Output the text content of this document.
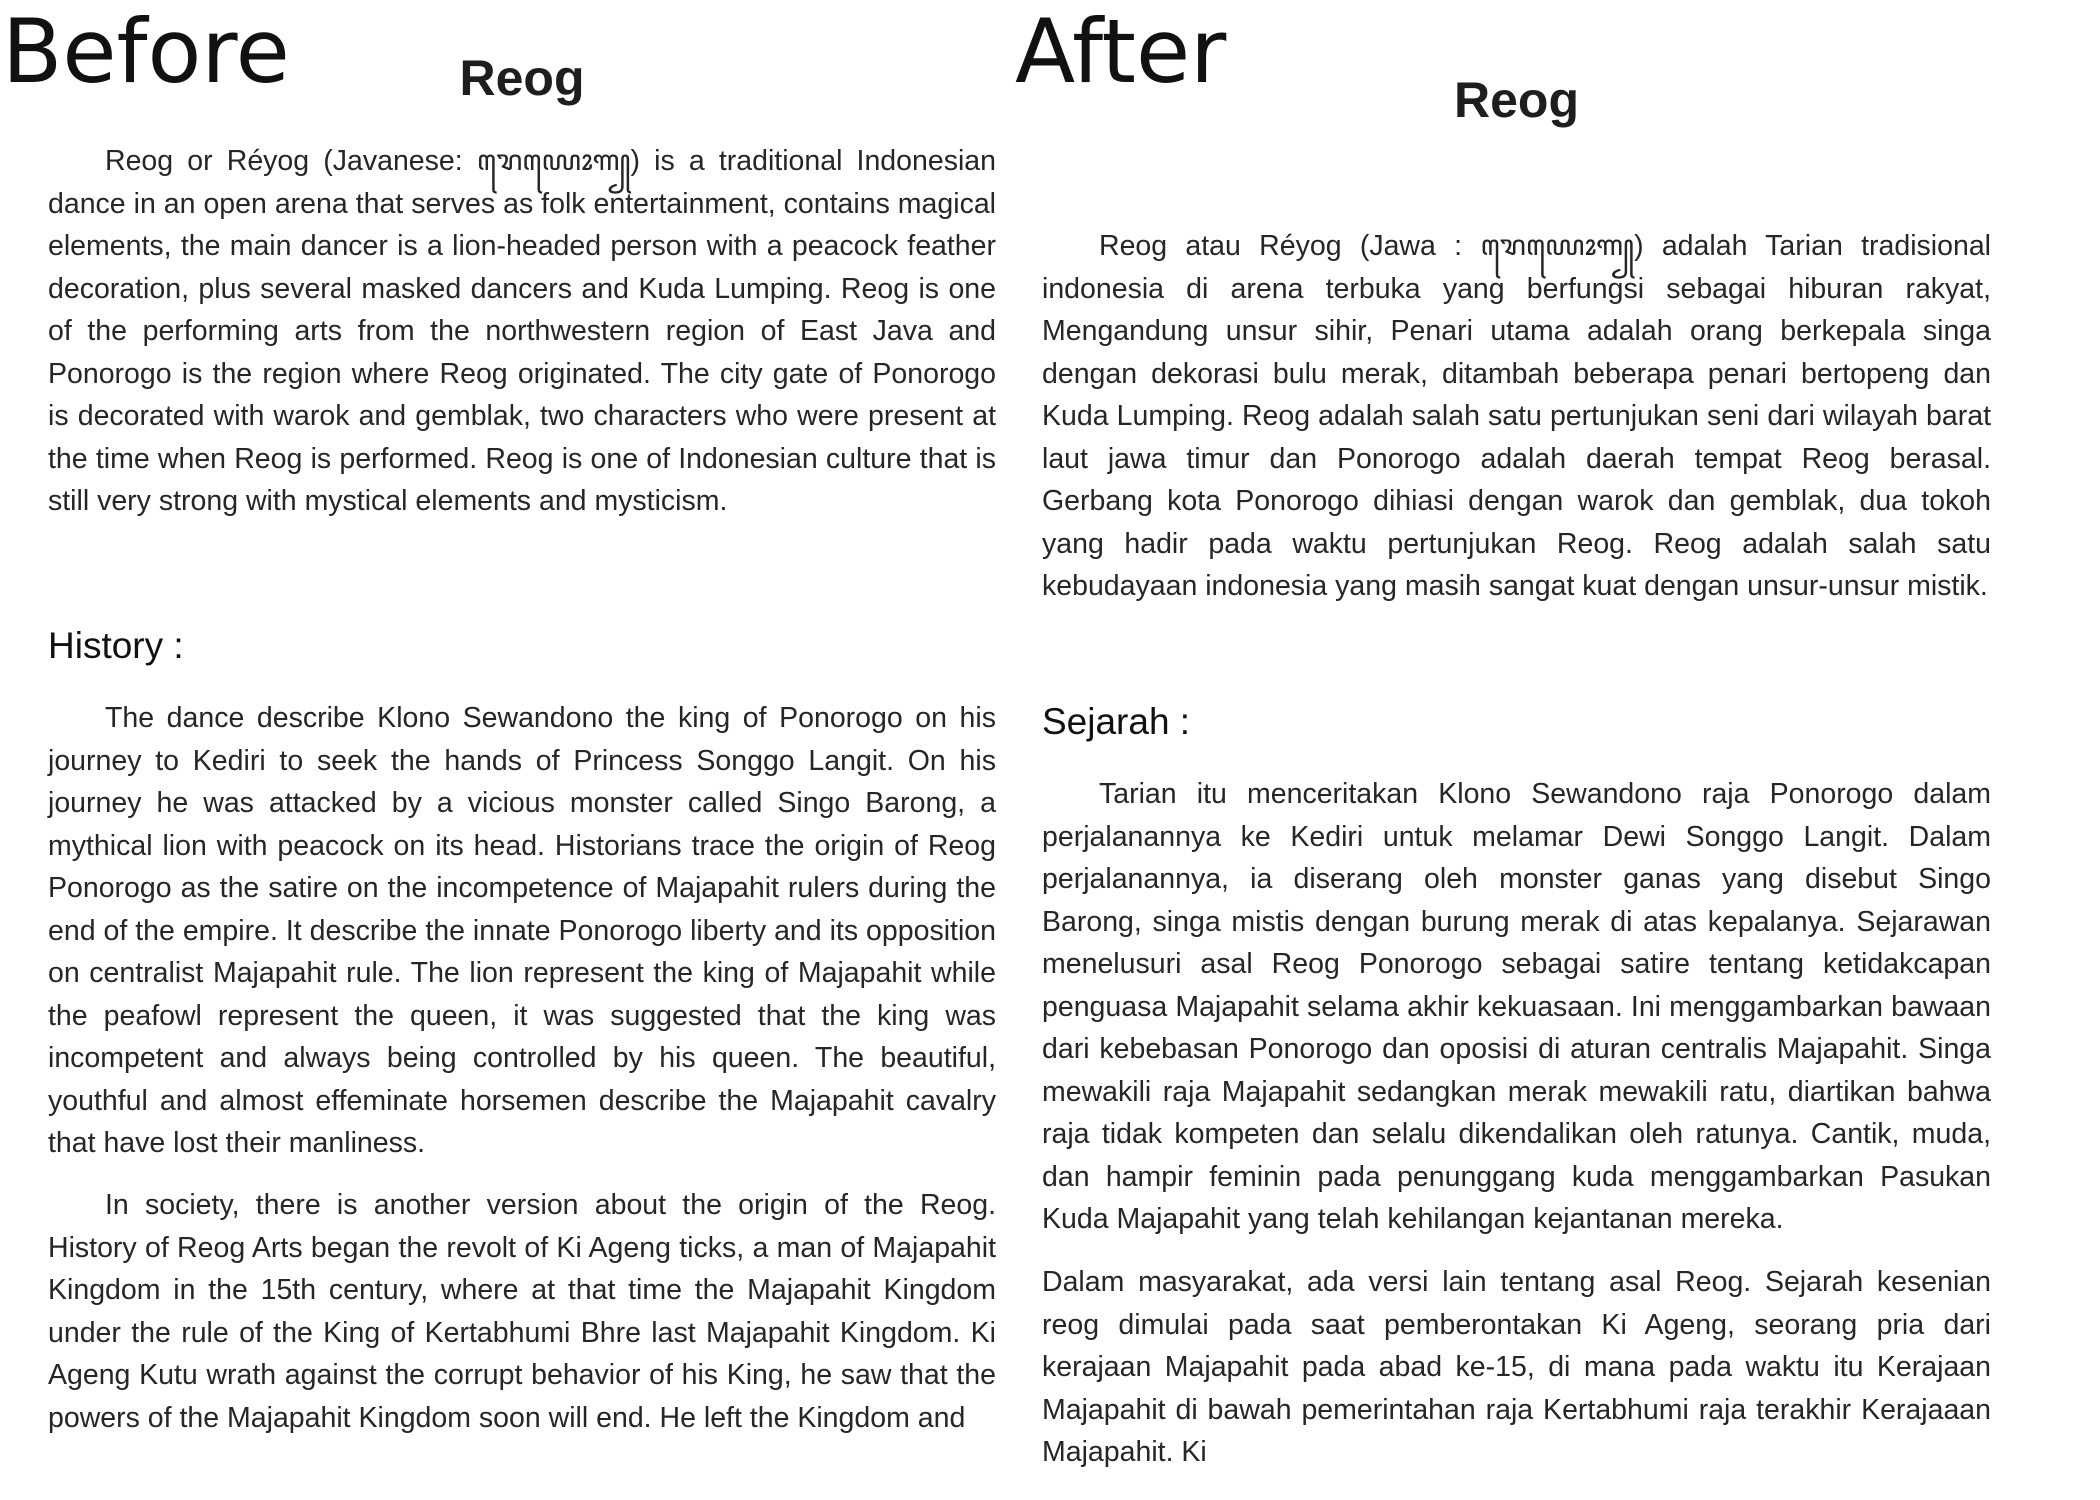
Before	After
Reog

Reog or Réyog (Javanese: ꦫꦺꦪꦺꦴꦒ꧀) is a traditional Indonesian dance in an open arena that serves as folk entertainment, contains magical elements, the main dancer is a lion-headed person with a peacock feather decoration, plus several masked dancers and Kuda Lumping. Reog is one of the performing arts from the northwestern region of East Java and Ponorogo is the region where Reog originated. The city gate of Ponorogo is decorated with warok and gemblak, two characters who were present at the time when Reog is performed. Reog is one of Indonesian culture that is still very strong with mystical elements and mysticism.

History :

The dance describe Klono Sewandono the king of Ponorogo on his journey to Kediri to seek the hands of Princess Songgo Langit. On his journey he was attacked by a vicious monster called Singo Barong, a mythical lion with peacock on its head. Historians trace the origin of Reog Ponorogo as the satire on the incompetence of Majapahit rulers during the end of the empire. It describe the innate Ponorogo liberty and its opposition on centralist Majapahit rule. The lion represent the king of Majapahit while the peafowl represent the queen, it was suggested that the king was incompetent and always being controlled by his queen. The beautiful, youthful and almost effeminate horsemen describe the Majapahit cavalry that have lost their manliness.

In society, there is another version about the origin of the Reog. History of Reog Arts began the revolt of Ki Ageng ticks, a man of Majapahit Kingdom in the 15th century, where at that time the Majapahit Kingdom under the rule of the King of Kertabhumi Bhre last Majapahit Kingdom. Ki Ageng Kutu wrath against the corrupt behavior of his King, he saw that the powers of the Majapahit Kingdom soon will end. He left the Kingdom and

Reog

Reog atau Réyog (Jawa : ꦫꦺꦪꦺꦴꦒ꧀) adalah Tarian tradisional indonesia di arena terbuka yang berfungsi sebagai hiburan rakyat, Mengandung unsur sihir, Penari utama adalah orang berkepala singa dengan dekorasi bulu merak, ditambah beberapa penari bertopeng dan Kuda Lumping. Reog adalah salah satu pertunjukan seni dari wilayah barat laut jawa timur dan Ponorogo adalah daerah tempat Reog berasal. Gerbang kota Ponorogo dihiasi dengan warok dan gemblak, dua tokoh yang hadir pada waktu pertunjukan Reog. Reog adalah salah satu kebudayaan indonesia yang masih sangat kuat dengan unsur-unsur mistik.

Sejarah :

Tarian itu menceritakan Klono Sewandono raja Ponorogo dalam perjalanannya ke Kediri untuk melamar Dewi Songgo Langit. Dalam perjalanannya, ia diserang oleh monster ganas yang disebut Singo Barong, singa mistis dengan burung merak di atas kepalanya. Sejarawan menelusuri asal Reog Ponorogo sebagai satire tentang ketidakcapan penguasa Majapahit selama akhir kekuasaan. Ini menggambarkan bawaan dari kebebasan Ponorogo dan oposisi di aturan centralis Majapahit. Singa mewakili raja Majapahit sedangkan merak mewakili ratu, diartikan bahwa raja tidak kompeten dan selalu dikendalikan oleh ratunya. Cantik, muda, dan hampir feminin pada penunggang kuda menggambarkan Pasukan Kuda Majapahit yang telah kehilangan kejantanan mereka.

Dalam masyarakat, ada versi lain tentang asal Reog. Sejarah kesenian reog dimulai pada saat pemberontakan Ki Ageng, seorang pria dari kerajaan Majapahit pada abad ke-15, di mana pada waktu itu Kerajaan Majapahit di bawah pemerintahan raja Kertabhumi raja terakhir Kerajaaan Majapahit. Ki
